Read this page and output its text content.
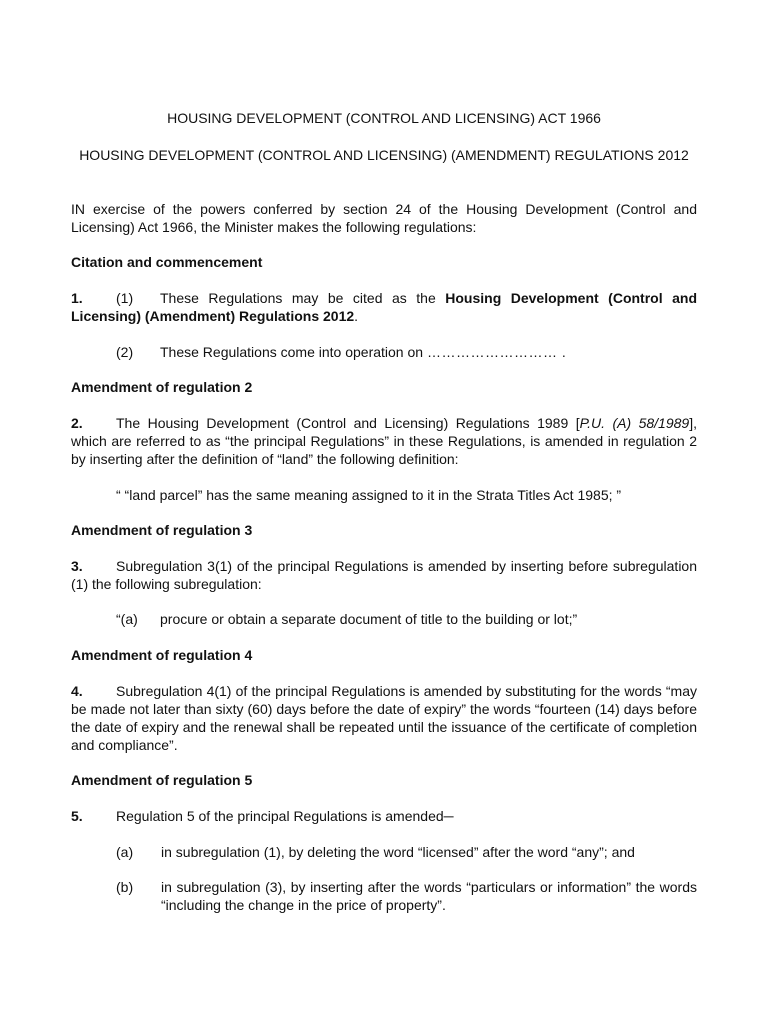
HOUSING DEVELOPMENT (CONTROL AND LICENSING) ACT 1966
HOUSING DEVELOPMENT (CONTROL AND LICENSING) (AMENDMENT) REGULATIONS 2012
IN exercise of the powers conferred by section 24 of the Housing Development (Control and Licensing) Act 1966, the Minister makes the following regulations:
Citation and commencement
1. (1) These Regulations may be cited as the Housing Development (Control and Licensing) (Amendment) Regulations 2012.
(2) These Regulations come into operation on ……………………… .
Amendment of regulation 2
2. The Housing Development (Control and Licensing) Regulations 1989 [P.U. (A) 58/1989], which are referred to as “the principal Regulations” in these Regulations, is amended in regulation 2 by inserting after the definition of “land” the following definition:
“ “land parcel” has the same meaning assigned to it in the Strata Titles Act 1985; ”
Amendment of regulation 3
3. Subregulation 3(1) of the principal Regulations is amended by inserting before subregulation (1) the following subregulation:
“(a) procure or obtain a separate document of title to the building or lot;”
Amendment of regulation 4
4. Subregulation 4(1) of the principal Regulations is amended by substituting for the words “may be made not later than sixty (60) days before the date of expiry” the words “fourteen (14) days before the date of expiry and the renewal shall be repeated until the issuance of the certificate of completion and compliance”.
Amendment of regulation 5
5. Regulation 5 of the principal Regulations is amended─
(a) in subregulation (1), by deleting the word “licensed” after the word “any”; and
(b) in subregulation (3), by inserting after the words “particulars or information” the words “including the change in the price of property”.
